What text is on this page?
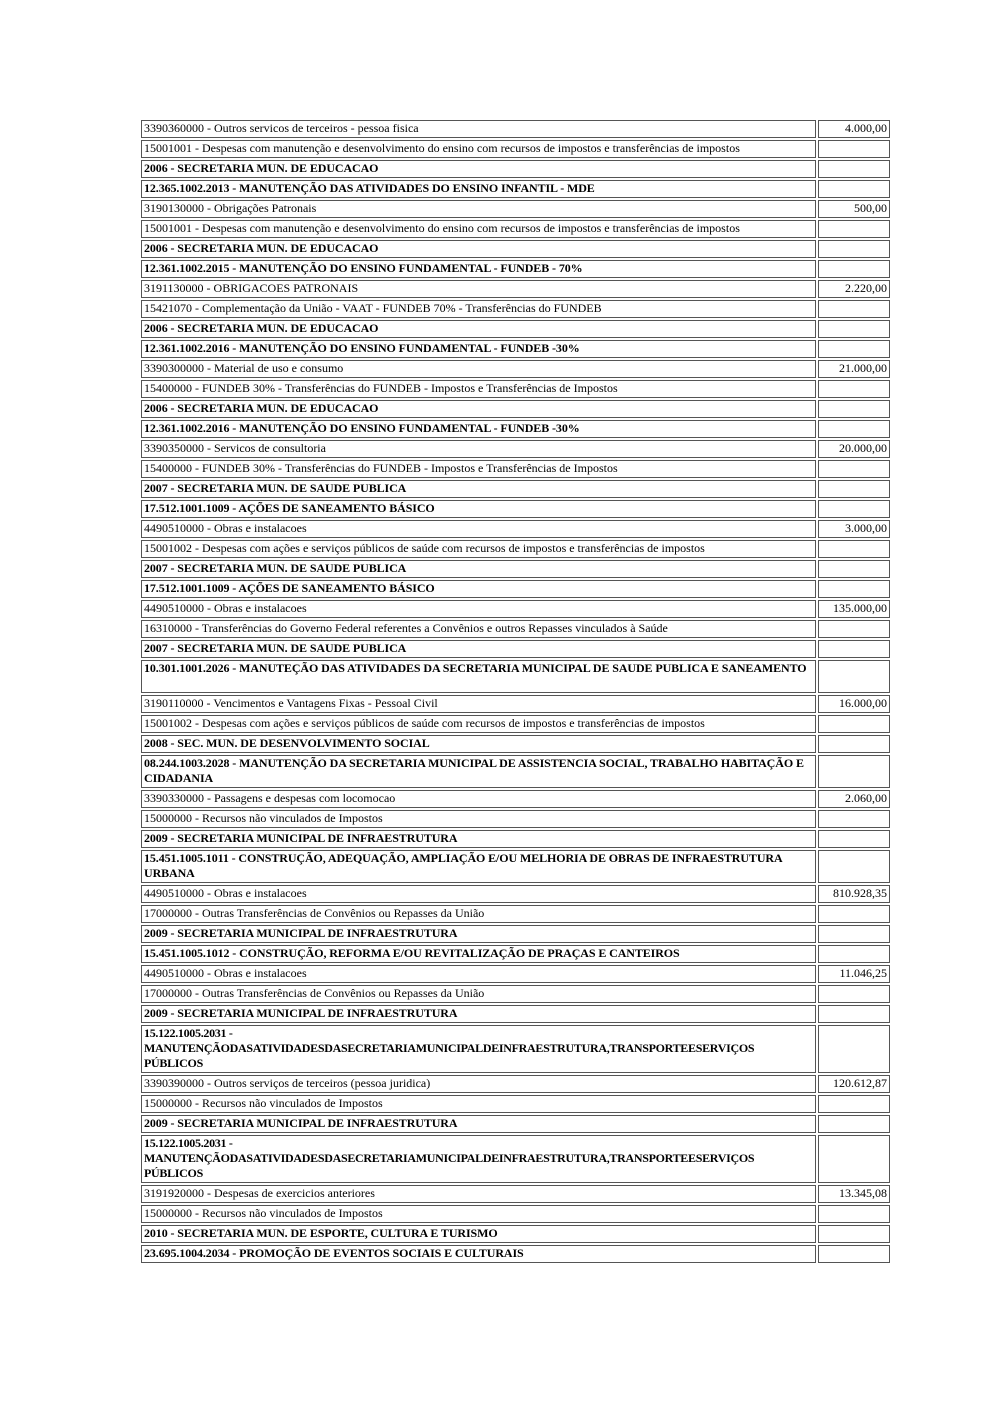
3390360000 - Outros servicos de terceiros - pessoa fisica	4.000,00
15001001 - Despesas com manutenção e desenvolvimento do ensino com recursos de impostos e transferências de impostos	
2006 - SECRETARIA MUN. DE EDUCACAO	
12.365.1002.2013 - MANUTENÇÃO DAS ATIVIDADES DO ENSINO INFANTIL - MDE	
3190130000 - Obrigações Patronais	500,00
15001001 - Despesas com manutenção e desenvolvimento do ensino com recursos de impostos e transferências de impostos	
2006 - SECRETARIA MUN. DE EDUCACAO	
12.361.1002.2015 - MANUTENÇÃO DO ENSINO FUNDAMENTAL - FUNDEB - 70%	
3191130000 - OBRIGACOES PATRONAIS	2.220,00
15421070 - Complementação da União - VAAT - FUNDEB 70% - Transferências do FUNDEB	
2006 - SECRETARIA MUN. DE EDUCACAO	
12.361.1002.2016 - MANUTENÇÃO DO ENSINO FUNDAMENTAL - FUNDEB -30%	
3390300000 - Material de uso e consumo	21.000,00
15400000 - FUNDEB 30% - Transferências do FUNDEB - Impostos e Transferências de Impostos	
2006 - SECRETARIA MUN. DE EDUCACAO	
12.361.1002.2016 - MANUTENÇÃO DO ENSINO FUNDAMENTAL - FUNDEB -30%	
3390350000 - Servicos de consultoria	20.000,00
15400000 - FUNDEB 30% - Transferências do FUNDEB - Impostos e Transferências de Impostos	
2007 - SECRETARIA MUN. DE SAUDE PUBLICA	
17.512.1001.1009 - AÇÕES DE SANEAMENTO BÁSICO	
4490510000 - Obras e instalacoes	3.000,00
15001002 - Despesas com ações e serviços públicos de saúde com recursos de impostos e transferências de impostos	
2007 - SECRETARIA MUN. DE SAUDE PUBLICA	
17.512.1001.1009 - AÇÕES DE SANEAMENTO BÁSICO	
4490510000 - Obras e instalacoes	135.000,00
16310000 - Transferências do Governo Federal referentes a Convênios e outros Repasses vinculados à Saúde	
2007 - SECRETARIA MUN. DE SAUDE PUBLICA	
10.301.1001.2026 - MANUTEÇÃO DAS ATIVIDADES DA SECRETARIA MUNICIPAL DE SAUDE PUBLICA E SANEAMENTO	
3190110000 - Vencimentos e Vantagens Fixas - Pessoal Civil	16.000,00
15001002 - Despesas com ações e serviços públicos de saúde com recursos de impostos e transferências de impostos	
2008 - SEC. MUN. DE DESENVOLVIMENTO SOCIAL	
08.244.1003.2028 - MANUTENÇÃO DA SECRETARIA MUNICIPAL DE ASSISTENCIA SOCIAL, TRABALHO HABITAÇÃO E CIDADANIA	
3390330000 - Passagens e despesas com locomocao	2.060,00
15000000 - Recursos não vinculados de Impostos	
2009 - SECRETARIA MUNICIPAL DE INFRAESTRUTURA	
15.451.1005.1011 - CONSTRUÇÃO, ADEQUAÇÃO, AMPLIAÇÃO E/OU MELHORIA DE OBRAS DE INFRAESTRUTURA URBANA	
4490510000 - Obras e instalacoes	810.928,35
17000000 - Outras Transferências de Convênios ou Repasses da União	
2009 - SECRETARIA MUNICIPAL DE INFRAESTRUTURA	
15.451.1005.1012 - CONSTRUÇÃO, REFORMA E/OU REVITALIZAÇÃO DE PRAÇAS E CANTEIROS	
4490510000 - Obras e instalacoes	11.046,25
17000000 - Outras Transferências de Convênios ou Repasses da União	
2009 - SECRETARIA MUNICIPAL DE INFRAESTRUTURA	
15.122.1005.2031 - MANUTENÇÃODASATIVIDADESDASECRETARIAMUNICIPALDEINFRAESTRUTURA,TRANSPORTEESERVIÇOS PÚBLICOS	
3390390000 - Outros serviços de terceiros (pessoa juridica)	120.612,87
15000000 - Recursos não vinculados de Impostos	
2009 - SECRETARIA MUNICIPAL DE INFRAESTRUTURA	
15.122.1005.2031 - MANUTENÇÃODASATIVIDADESDASECRETARIAMUNICIPALDEINFRAESTRUTURA,TRANSPORTEESERVIÇOS PÚBLICOS	
3191920000 - Despesas de exercicios anteriores	13.345,08
15000000 - Recursos não vinculados de Impostos	
2010 - SECRETARIA MUN. DE ESPORTE, CULTURA E TURISMO	
23.695.1004.2034 - PROMOÇÃO DE EVENTOS SOCIAIS E CULTURAIS	
